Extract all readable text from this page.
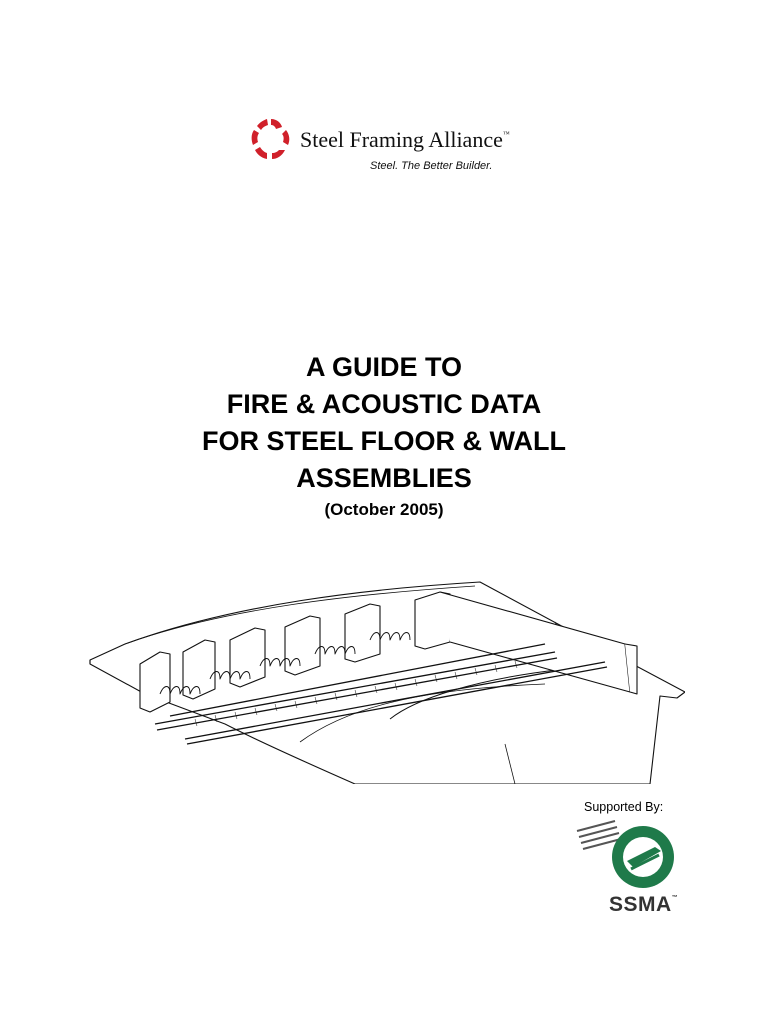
Steel Framing Alliance™
Steel. The Better Builder.
A GUIDE TO
FIRE & ACOUSTIC DATA
FOR STEEL FLOOR & WALL
ASSEMBLIES
(October 2005)
Supported By:
SSMA™
